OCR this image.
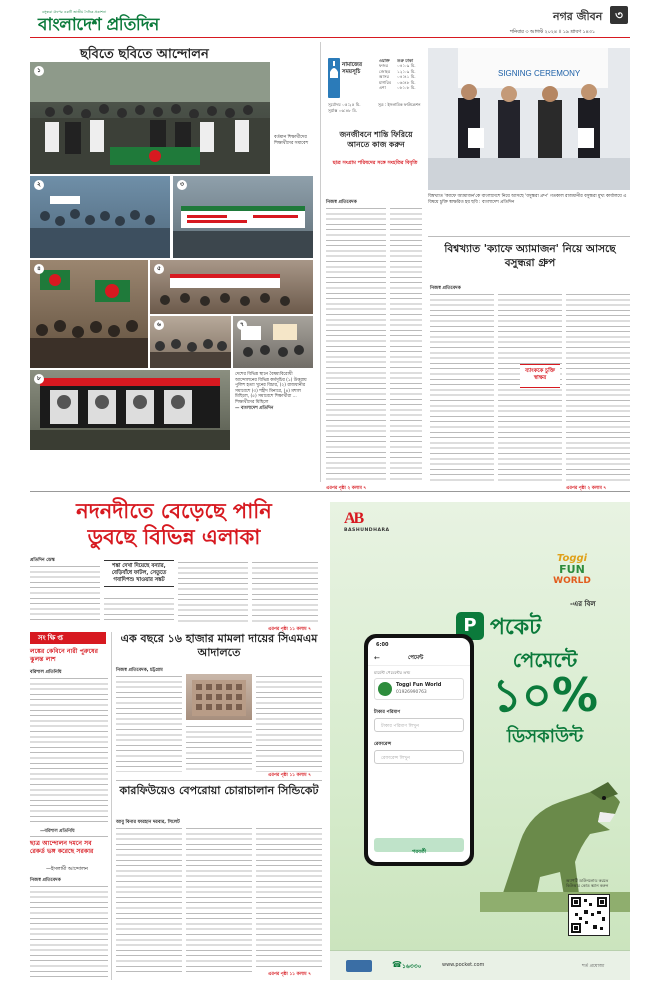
বসুন্ধরা গ্রুপের একটি জাতীয় দৈনিক প্রকাশনা
বাংলাদেশ প্রতিদিন	নগর জীবন	৩
শনিবার ৩ আগস্ট ২০২৪ ॥ ১৯ শ্রাবণ ১৪৩১
ছবিতে ছবিতে আন্দোলন
১
বর্তমান শিক্ষার্থীদের শিক্ষার্থীদের সমাবেশ
২	৩
৪	৫
৬	৭
৮
দেশের বিভিন্ন স্থানে বৈষম্যবিরোধী আন্দোলনের বিভিন্ন কর্মসূচির (১) উত্তরায় পুলিশ হত্যা খুনের বিচার, (২) রাজধানীর সমাবেশে (৩) শহীদ মিনারে, (৪) মশাল মিছিলে, (৫) সমাবেশে শিক্ষার্থীরা ... শিক্ষার্থীদের মিছিলে
— বাংলাদেশ প্রতিদিন
নামাজের সময়সূচি
ওয়াক্ত	শুরু ঢাকা
ফজর	০৪:০৯ মি.
জোহর	১২:০৯ মি.
আসর	০৪:৪১ মি.
মাগরিব	০৬:৪৮ মি.
এশা	০৮:০৮ মি.
সূর্যোদয় ০৫:২৫ মি.
সূর্যাস্ত ০৬:৪৮ মি.
সূত্র : ইসলামিক ফাউন্ডেশন
জনজীবনে শান্তি ফিরিয়ে আনতে কাজ করুন
ছাত্র সংগ্রাম পরিষদের সঙ্গে সংহতির বিবৃতি
নিজস্ব প্রতিবেদক
এরপর পৃষ্ঠা ২ কলাম ৭
SIGNING CEREMONY
বিশ্বখ্যাত 'ক্যাফে অ্যামাজন'কে বাংলাদেশে নিয়ে আসছে 'বসুন্ধরা গ্রুপ' গতকাল রাজধানীর বসুন্ধরা মুখ্য কার্যালয়ে এ বিষয়ে চুক্তি স্বাক্ষরিত হয় ছবি : বাংলাদেশ প্রতিদিন
বিশ্বখ্যাত 'ক্যাফে অ্যামাজন' নিয়ে আসছে বসুন্ধরা গ্রুপ
নিজস্ব প্রতিবেদক
ব্যাংককে চুক্তি স্বাক্ষর
এরপর পৃষ্ঠা ২ কলাম ৭
নদনদীতে বেড়েছে পানি
ডুবছে বিভিন্ন এলাকা
প্রতিদিন ডেস্ক
শঙ্কা দেখা দিয়েছে বন্যার, বেড়িবাঁধে ফাটল, সেতুতে গবাদিপশু খাওয়ার সঙ্কট
এরপর পৃষ্ঠা ১১ কলাম ৭
সংক্ষিপ্ত
লঙ্কের কেবিনে নারী পুরুষের ঝুলন্ত লাশ
বরিশাল প্রতিনিধি
—বরিশাল প্রতিনিধি
ছাত্র আন্দোলন দমনে সব রেকর্ড ভঙ্গ করেছে সরকার
—ইসলামী আন্দোলন
নিজস্ব প্রতিবেদক
এক বছরে ১৬ হাজার মামলা দায়ের সিএমএম আদালতে
নিজস্ব প্রতিবেদক, চট্টগ্রাম
এরপর পৃষ্ঠা ১১ কলাম ৭
কারফিউয়েও বেপরোয়া চোরাচালান সিন্ডিকেট
আবু বিনার ফারহান দরবার, সিলেট
এরপর পৃষ্ঠা ১১ কলাম ৭
AB
BASHUNDHARA
Toggi
FUN
WORLD
-এর বিল
P পকেট
পেমেন্টে
১০%
ডিসকাউন্ট
6:00
←	পেমেন্ট
মার্চেন্ট পেমেন্টের তথ্য
Toggi Fun World
01926990763
টাকার পরিমাণ
টাকার পরিমাণ লিখুন
রেফারেন্স
রেফারেন্স লিখুন
পরবর্তী
অ্যাপটি ডাউনলোড করতে কিউআর কোড স্ক্যান করুন
☎ ১৬৩৩০	www.pocket.com	শর্ত প্রযোজ্য
